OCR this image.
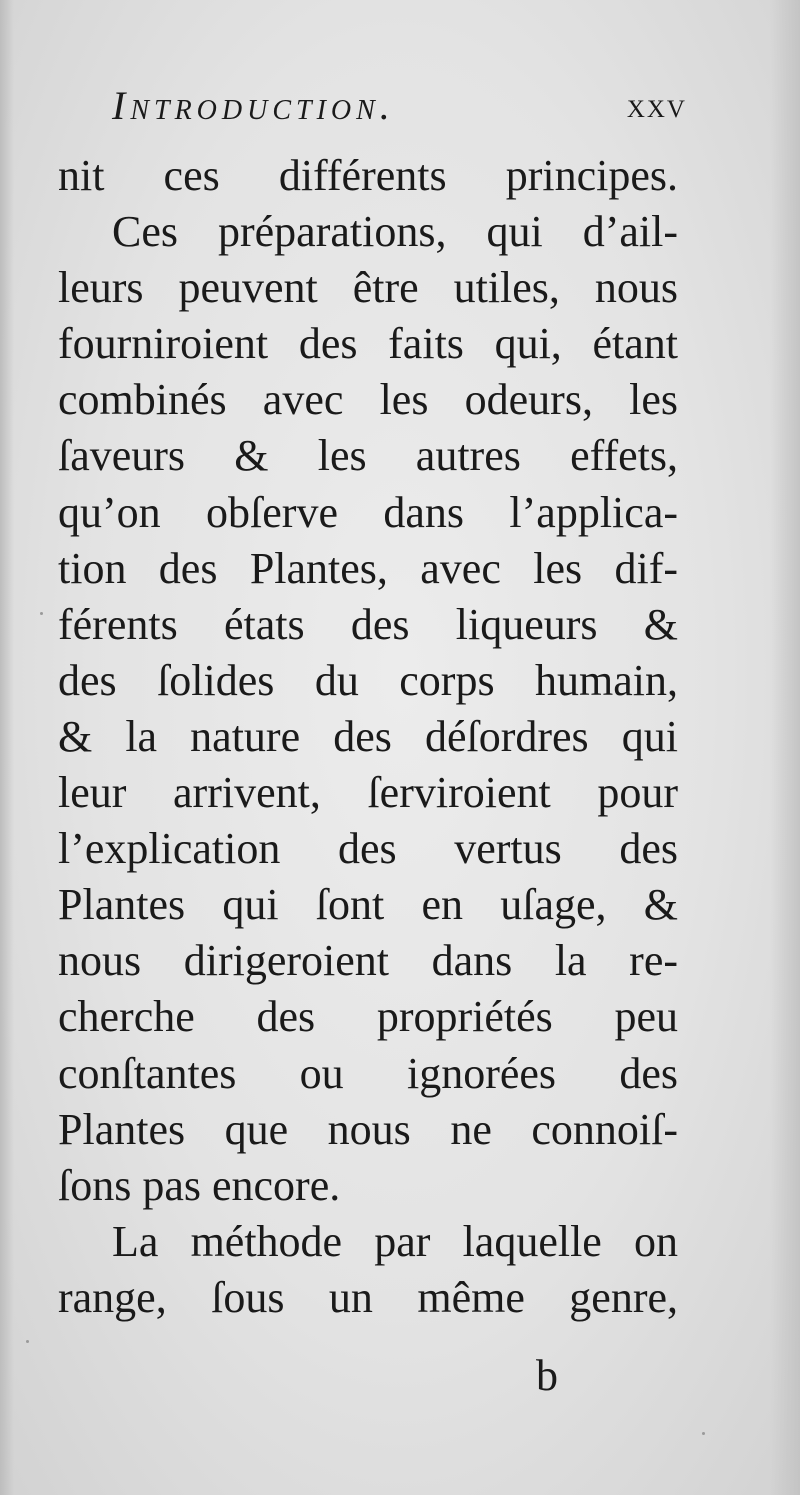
Introduction.	xxv
nit ces différents principes.
Ces préparations, qui d’ail-
leurs peuvent être utiles, nous
fourniroient des faits qui, étant
combinés avec les odeurs, les
ſaveurs & les autres effets,
qu’on obſerve dans l’applica-
tion des Plantes, avec les dif-
férents états des liqueurs &
des ſolides du corps humain,
& la nature des déſordres qui
leur arrivent, ſerviroient pour
l’explication des vertus des
Plantes qui ſont en uſage, &
nous dirigeroient dans la re-
cherche des propriétés peu
conſtantes ou ignorées des
Plantes que nous ne connoiſ-
ſons pas encore.
La méthode par laquelle on
range, ſous un même genre,
b
